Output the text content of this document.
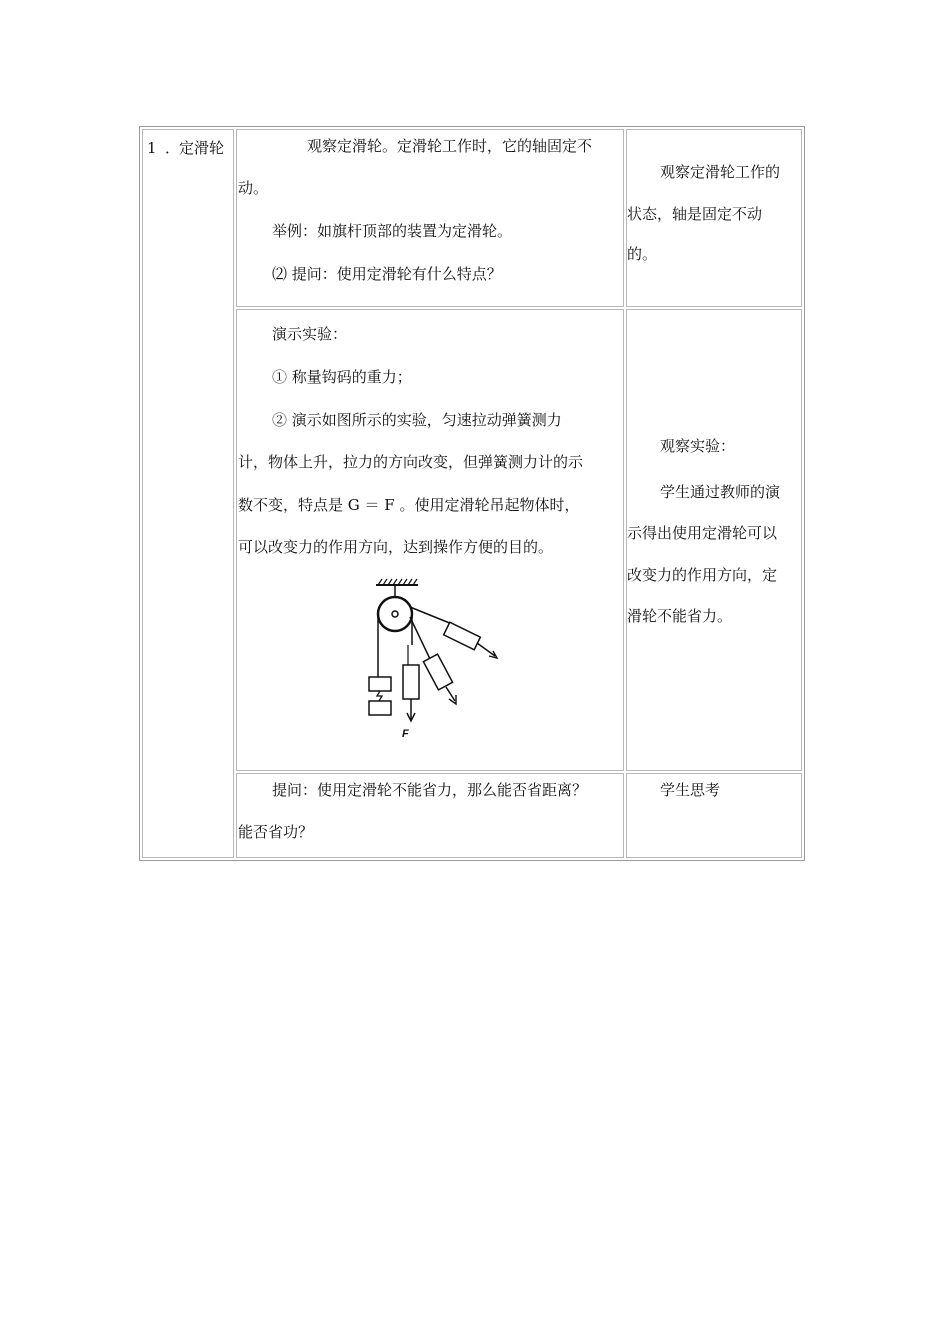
1 ．
定滑轮	观察定滑轮。定滑轮工作时，它的轴固定不
动。
举例：如旗杆顶部的装置为定滑轮。
⑵ 提问：使用定滑轮有什么特点？
观察定滑轮工作的
状态，轴是固定不动
的。
演示实验：
① 称量钩码的重力；
② 演示如图所示的实验，匀速拉动弹簧测力
计，物体上升，拉力的方向改变，但弹簧测力计的示
数不变，特点是 G ＝ F 。使用定滑轮吊起物体时，
可以改变力的作用方向，达到操作方便的目的。
观察实验：
学生通过教师的演
示得出使用定滑轮可以
改变力的作用方向，定
滑轮不能省力。
提问：使用定滑轮不能省力，那么能否省距离？
能否省功？
学生思考
F
